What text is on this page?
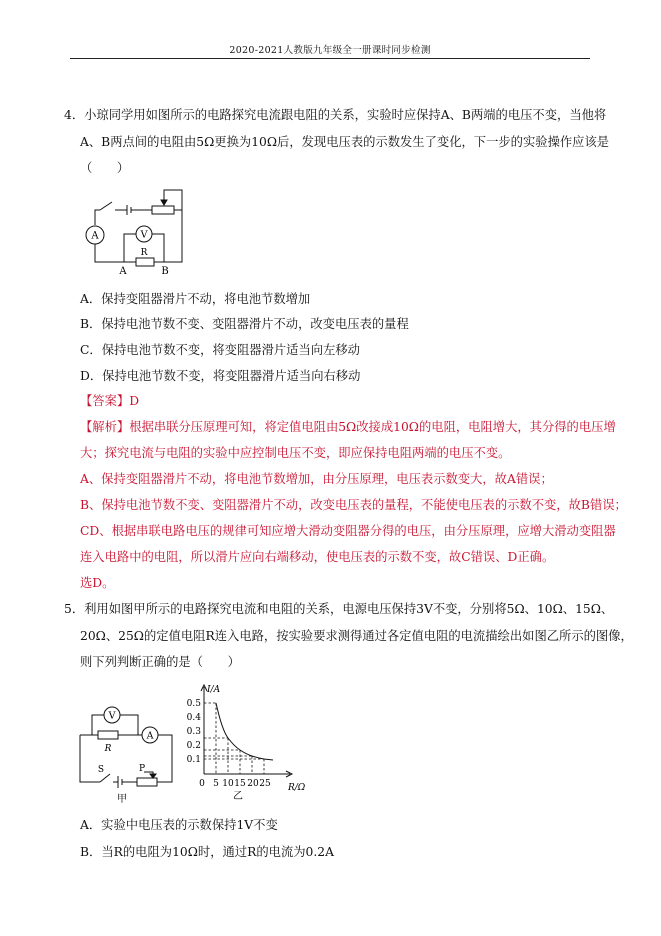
2020-2021人教版九年级全一册课时同步检测
4．小琼同学用如图所示的电路探究电流跟电阻的关系，实验时应保持A、B两端的电压不变，当他将
A、B两点间的电阻由5Ω更换为10Ω后，发现电压表的示数发生了变化，下一步的实验操作应该是
（　　）
A	V
R
A	B
A．保持变阻器滑片不动，将电池节数增加
B．保持电池节数不变、变阻器滑片不动，改变电压表的量程
C．保持电池节数不变，将变阻器滑片适当向左移动
D．保持电池节数不变，将变阻器滑片适当向右移动
【答案】D
【解析】根据串联分压原理可知，将定值电阻由5Ω改接成10Ω的电阻，电阻增大，其分得的电压增
大；探究电流与电阻的实验中应控制电压不变，即应保持电阻两端的电压不变。
A、保持变阻器滑片不动，将电池节数增加，由分压原理，电压表示数变大，故A错误；
B、保持电池节数不变、变阻器滑片不动，改变电压表的量程，不能使电压表的示数不变，故B错误；
CD、根据串联电路电压的规律可知应增大滑动变阻器分得的电压，由分压原理，应增大滑动变阻器
连入电路中的电阻，所以滑片应向右端移动，使电压表的示数不变，故C错误、D正确。
选D。
5．利用如图甲所示的电路探究电流和电阻的关系，电源电压保持3V不变，分别将5Ω、10Ω、15Ω、
20Ω、25Ω的定值电阻R连入电路，按实验要求测得通过各定值电阻的电流描绘出如图乙所示的图像，
则下列判断正确的是（　　）
V
A
R
S	P
甲
I/A
0.5
0.4
0.3
0.2
0.1
0 5 10 15 20 25 R/Ω
乙
A．实验中电压表的示数保持1V不变
B．当R的电阻为10Ω时，通过R的电流为0.2A
